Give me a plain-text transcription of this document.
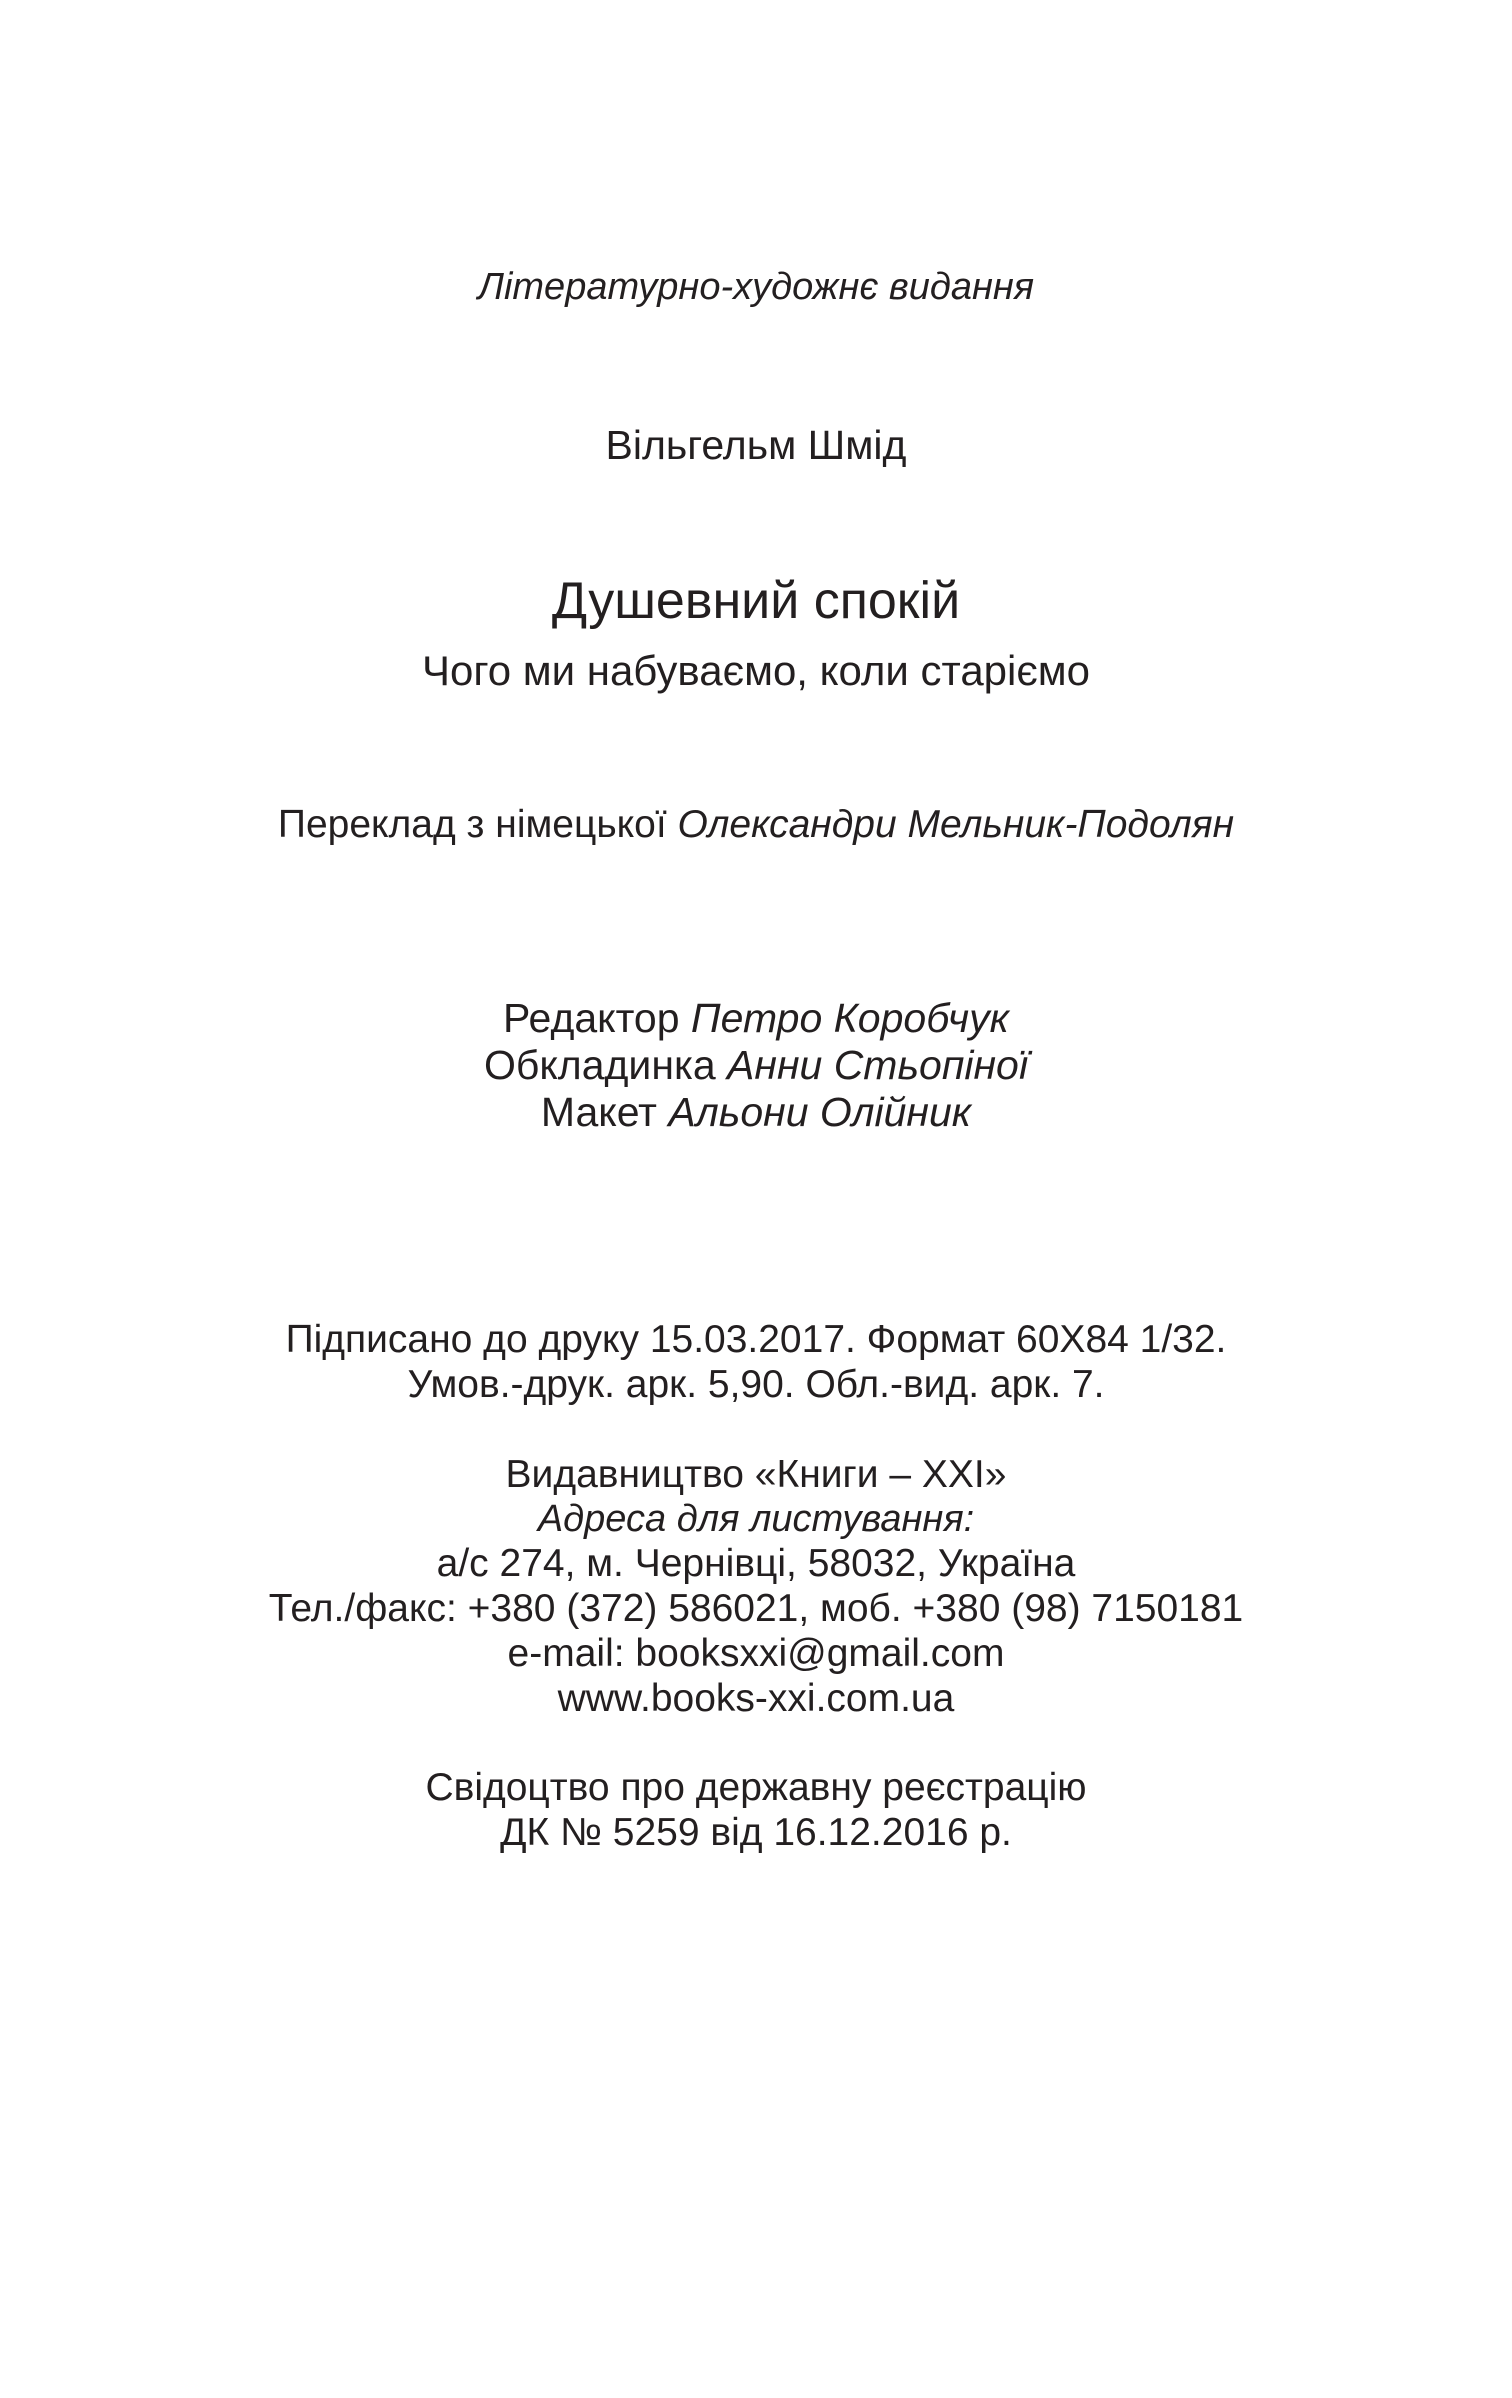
Літературно-художнє видання
Вільгельм Шмід
Душевний спокій
Чого ми набуваємо, коли старіємо
Переклад з німецької Олександри Мельник-Подолян
Редактор Петро Коробчук
Обкладинка Анни Стьопіної
Макет Альони Олійник
Підписано до друку 15.03.2017. Формат 60Х84 1/32.
Умов.-друк. арк. 5,90. Обл.-вид. арк. 7.
Видавництво «Книги – ХХІ»
Адреса для листування:
а/с 274, м. Чернівці, 58032, Україна
Тел./факс: +380 (372) 586021, моб. +380 (98) 7150181
e-mail: booksxxi@gmail.com
www.books-xxi.com.ua
Свідоцтво про державну реєстрацію
ДК № 5259 від 16.12.2016 р.
